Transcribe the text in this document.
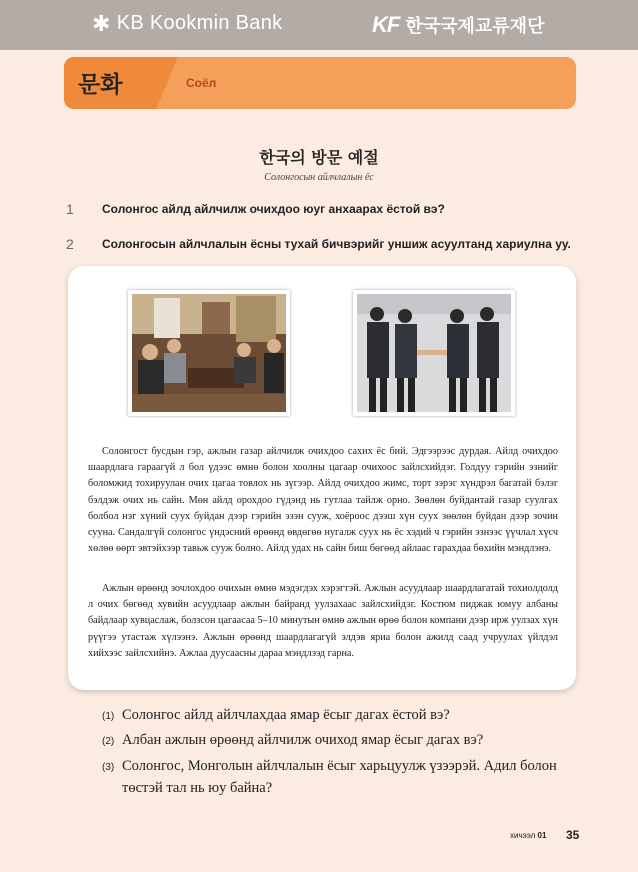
✱ KB Kookmin Bank	KF 한국국제교류재단
문화	Соёл
한국의 방문 예절
Солонгосын айлчлалын ёс
1 Солонгос айлд айлчилж очихдоо юуг анхаарах ёстой вэ?
2 Солонгосын айлчлалын ёсны тухай бичвэрийг уншиж асуултанд хариулна уу.

Солонгост бусдын гэр, ажлын газар айлчилж очихдоо сахих ёс бий. Эдгээрээс дурдая. Айлд очихдоо шаардлага гараагүй л бол үдээс өмнө болон хоолны цагаар очихоос зайлсхийдэг. Голдуу гэрийн эзнийг боломжид тохируулан очих цагаа товлох нь зүгээр. Айлд очихдоо жимс, торт зэрэг хүндрэл багатай бэлэг бэлдэж очих нь сайн. Мөн айлд орохдоо гүдэнд нь гутлаа тайлж орно. Зөөлөн буйдантай газар суулгах болбол нэг хүний суух буйдан дээр гэрийн эзэн сууж, хоёроос дээш хүн суух зөөлөн буйдан дээр зочин сууна. Сандалгүй солонгос үндэсний өрөөнд өвдөгөө нугалж суух нь ёс хэдий ч гэрийн эзнээс үүчлал хүсч хөлөө өөрт эвтэйхээр тавьж сууж болно. Айлд удах нь сайн биш бөгөөд айлаас гарахдаа бөхийн мэндлэнэ.

Ажлын өрөөнд зочлохдоо очихын өмнө мэдэгдэх хэрэгтэй. Ажлын асуудлаар шаардлагатай тохиолдолд л очих бөгөөд хувийн асуудлаар ажлын байранд уулзахаас зайлсхийдэг. Костюм пиджак юмуу албаны байдлаар хувцаслаж, болзсон цагаасаа 5–10 минутын өмнө ажлын өрөө болон компани дээр ирж уулзах хүн рүүгээ утастаж хүлээнэ. Ажлын өрөөнд шаардлагагүй элдэв яриа болон ажилд саад учруулах үйлдэл хийхээс зайлсхийнэ. Ажлаа дуусаасны дараа мэндлээд гарна.

(1) Солонгос айлд айлчлахдаа ямар ёсыг дагах ёстой вэ?
(2) Албан ажлын өрөөнд айлчилж очиход ямар ёсыг дагах вэ?
(3) Солонгос, Монголын айлчлалын ёсыг харьцуулж үзээрэй. Адил болон төстэй тал нь юу байна?
хичээл 01 35
